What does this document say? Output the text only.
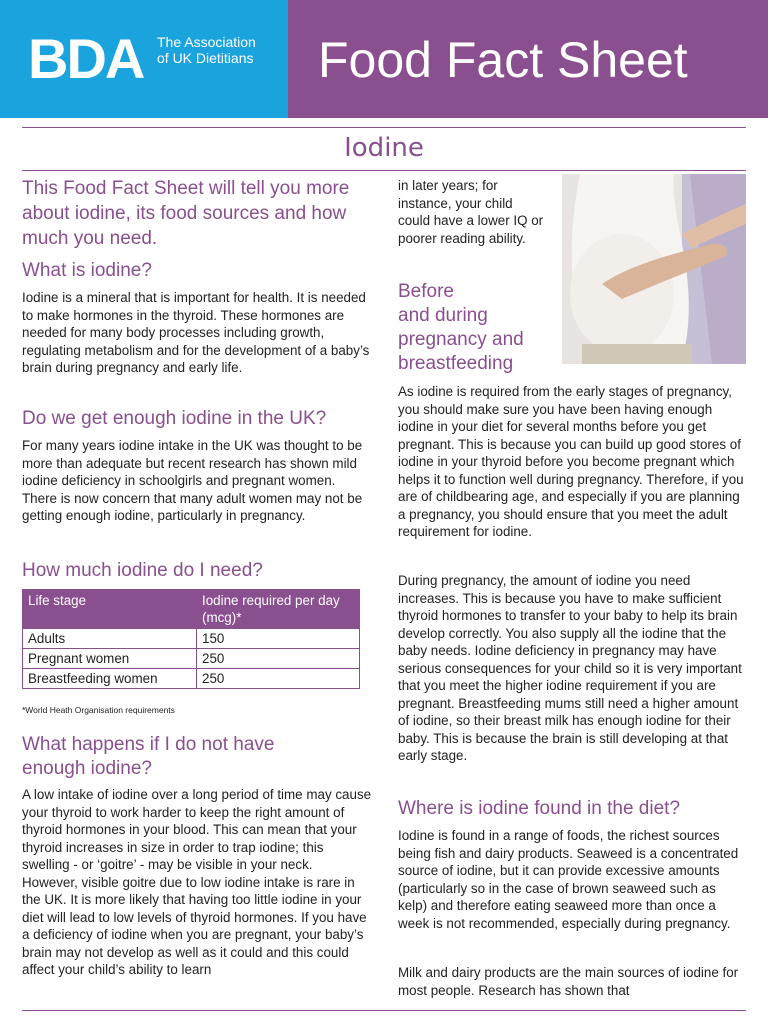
BDA The Association
of UK Dietitians Food Fact Sheet
Iodine
This Food Fact Sheet will tell you more about iodine, its food sources and how much you need.
What is iodine?

Iodine is a mineral that is important for health. It is needed to make hormones in the thyroid. These hormones are needed for many body processes including growth, regulating metabolism and for the development of a baby’s brain during pregnancy and early life.

Do we get enough iodine in the UK?

For many years iodine intake in the UK was thought to be more than adequate but recent research has shown mild iodine deficiency in schoolgirls and pregnant women. There is now concern that many adult women may not be getting enough iodine, particularly in pregnancy.

How much iodine do I need?
Life stage	Iodine required per day (mcg)*
Adults	150
Pregnant women	250
Breastfeeding women	250
*World Heath Organisation requirements
What happens if I do not have enough iodine?

A low intake of iodine over a long period of time may cause your thyroid to work harder to keep the right amount of thyroid hormones in your blood. This can mean that your thyroid increases in size in order to trap iodine; this swelling - or ‘goitre’ - may be visible in your neck. However, visible goitre due to low iodine intake is rare in the UK. It is more likely that having too little iodine in your diet will lead to low levels of thyroid hormones. If you have a deficiency of iodine when you are pregnant, your baby’s brain may not develop as well as it could and this could affect your child’s ability to learn

in later years; for instance, your child could have a lower IQ or poorer reading ability.

Before
and during
pregnancy and
breastfeeding

As iodine is required from the early stages of pregnancy, you should make sure you have been having enough iodine in your diet for several months before you get pregnant. This is because you can build up good stores of iodine in your thyroid before you become pregnant which helps it to function well during pregnancy. Therefore, if you are of childbearing age, and especially if you are planning a pregnancy, you should ensure that you meet the adult requirement for iodine.

During pregnancy, the amount of iodine you need increases. This is because you have to make sufficient thyroid hormones to transfer to your baby to help its brain develop correctly. You also supply all the iodine that the baby needs. Iodine deficiency in pregnancy may have serious consequences for your child so it is very important that you meet the higher iodine requirement if you are pregnant. Breastfeeding mums still need a higher amount of iodine, so their breast milk has enough iodine for their baby. This is because the brain is still developing at that early stage.

Where is iodine found in the diet?

Iodine is found in a range of foods, the richest sources being fish and dairy products. Seaweed is a concentrated source of iodine, but it can provide excessive amounts (particularly so in the case of brown seaweed such as kelp) and therefore eating seaweed more than once a week is not recommended, especially during pregnancy.

Milk and dairy products are the main sources of iodine for most people. Research has shown that
